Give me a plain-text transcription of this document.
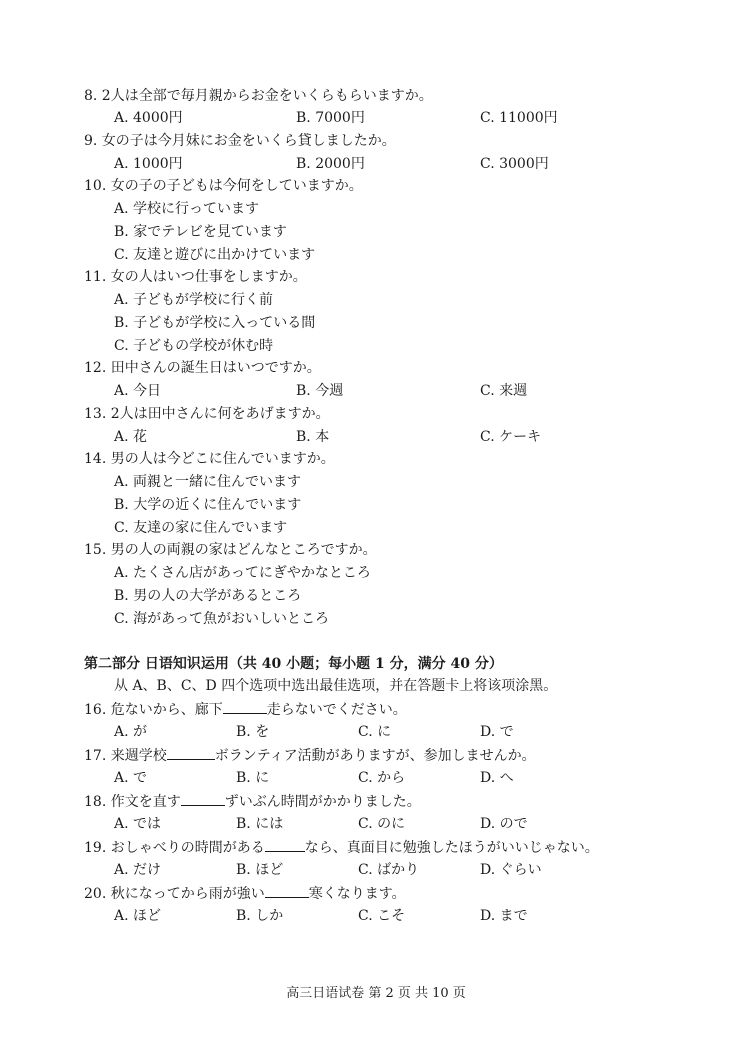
8. 2人は全部で毎月親からお金をいくらもらいますか。
A. 4000円	B. 7000円	C. 11000円
9. 女の子は今月妹にお金をいくら貸しましたか。
A. 1000円	B. 2000円	C. 3000円
10. 女の子の子どもは今何をしていますか。
A. 学校に行っています
B. 家でテレビを見ています
C. 友達と遊びに出かけています
11. 女の人はいつ仕事をしますか。
A. 子どもが学校に行く前
B. 子どもが学校に入っている間
C. 子どもの学校が休む時
12. 田中さんの誕生日はいつですか。
A. 今日	B. 今週	C. 来週
13. 2人は田中さんに何をあげますか。
A. 花	B. 本	C. ケーキ
14. 男の人は今どこに住んでいますか。
A. 両親と一緒に住んでいます
B. 大学の近くに住んでいます
C. 友達の家に住んでいます
15. 男の人の両親の家はどんなところですか。
A. たくさん店があってにぎやかなところ
B. 男の人の大学があるところ
C. 海があって魚がおいしいところ
第二部分 日语知识运用（共 40 小题；每小题 1 分，满分 40 分）
从 A、B、C、D 四个选项中选出最佳选项，并在答题卡上将该项涂黑。
16. 危ないから、廊下	走らないでください。
A. が	B. を	C. に	D. で
17. 来週学校	ボランティア活動がありますが、参加しませんか。
A. で	B. に	C. から	D. へ
18. 作文を直す	ずいぶん時間がかかりました。
A. では	B. には	C. のに	D. ので
19. おしゃべりの時間がある	なら、真面目に勉強したほうがいいじゃない。
A. だけ	B. ほど	C. ばかり	D. ぐらい
20. 秋になってから雨が強い	寒くなります。
A. ほど	B. しか	C. こそ	D. まで
高三日语试卷 第 2 页 共 10 页
